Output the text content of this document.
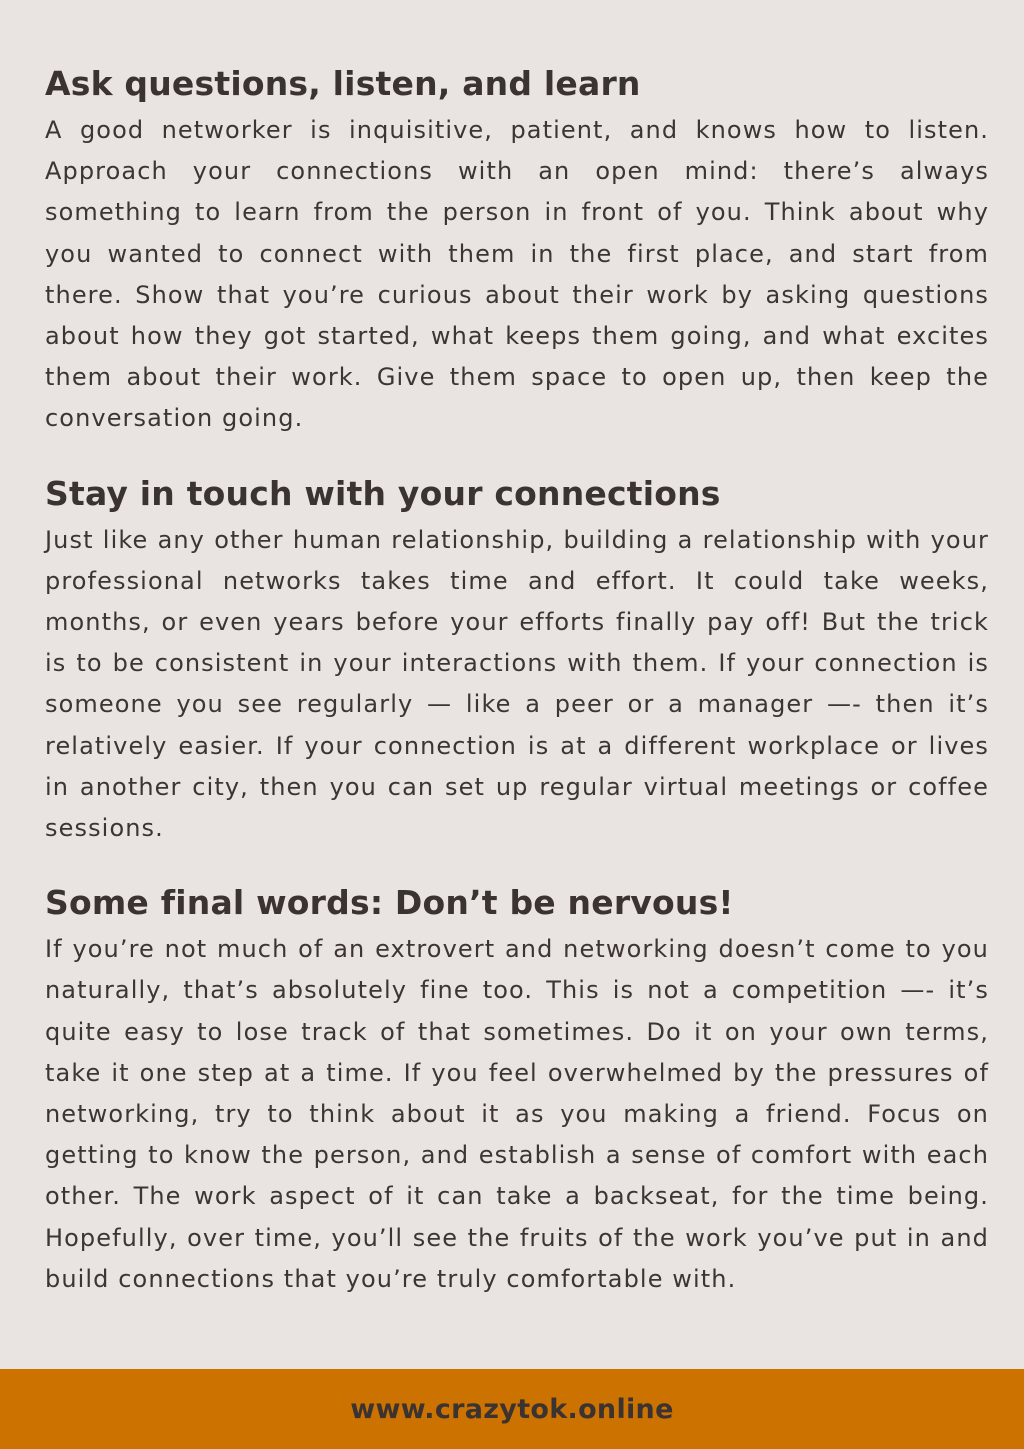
Ask questions, listen, and learn

A good networker is inquisitive, patient, and knows how to listen. Approach your connections with an open mind: there’s always something to learn from the person in front of you. Think about why you wanted to connect with them in the first place, and start from there. Show that you’re curious about their work by asking questions about how they got started, what keeps them going, and what excites them about their work. Give them space to open up, then keep the conversation going.

Stay in touch with your connections

Just like any other human relationship, building a relationship with your professional networks takes time and effort. It could take weeks, months, or even years before your efforts finally pay off! But the trick is to be consistent in your interactions with them. If your connection is someone you see regularly — like a peer or a manager —- then it’s relatively easier. If your connection is at a different workplace or lives in another city, then you can set up regular virtual meetings or coffee sessions.

Some final words: Don’t be nervous!

If you’re not much of an extrovert and networking doesn’t come to you naturally, that’s absolutely fine too. This is not a competition —- it’s quite easy to lose track of that sometimes. Do it on your own terms, take it one step at a time. If you feel overwhelmed by the pressures of networking, try to think about it as you making a friend. Focus on getting to know the person, and establish a sense of comfort with each other. The work aspect of it can take a backseat, for the time being. Hopefully, over time, you’ll see the fruits of the work you’ve put in and build connections that you’re truly comfortable with.

www.crazytok.online
